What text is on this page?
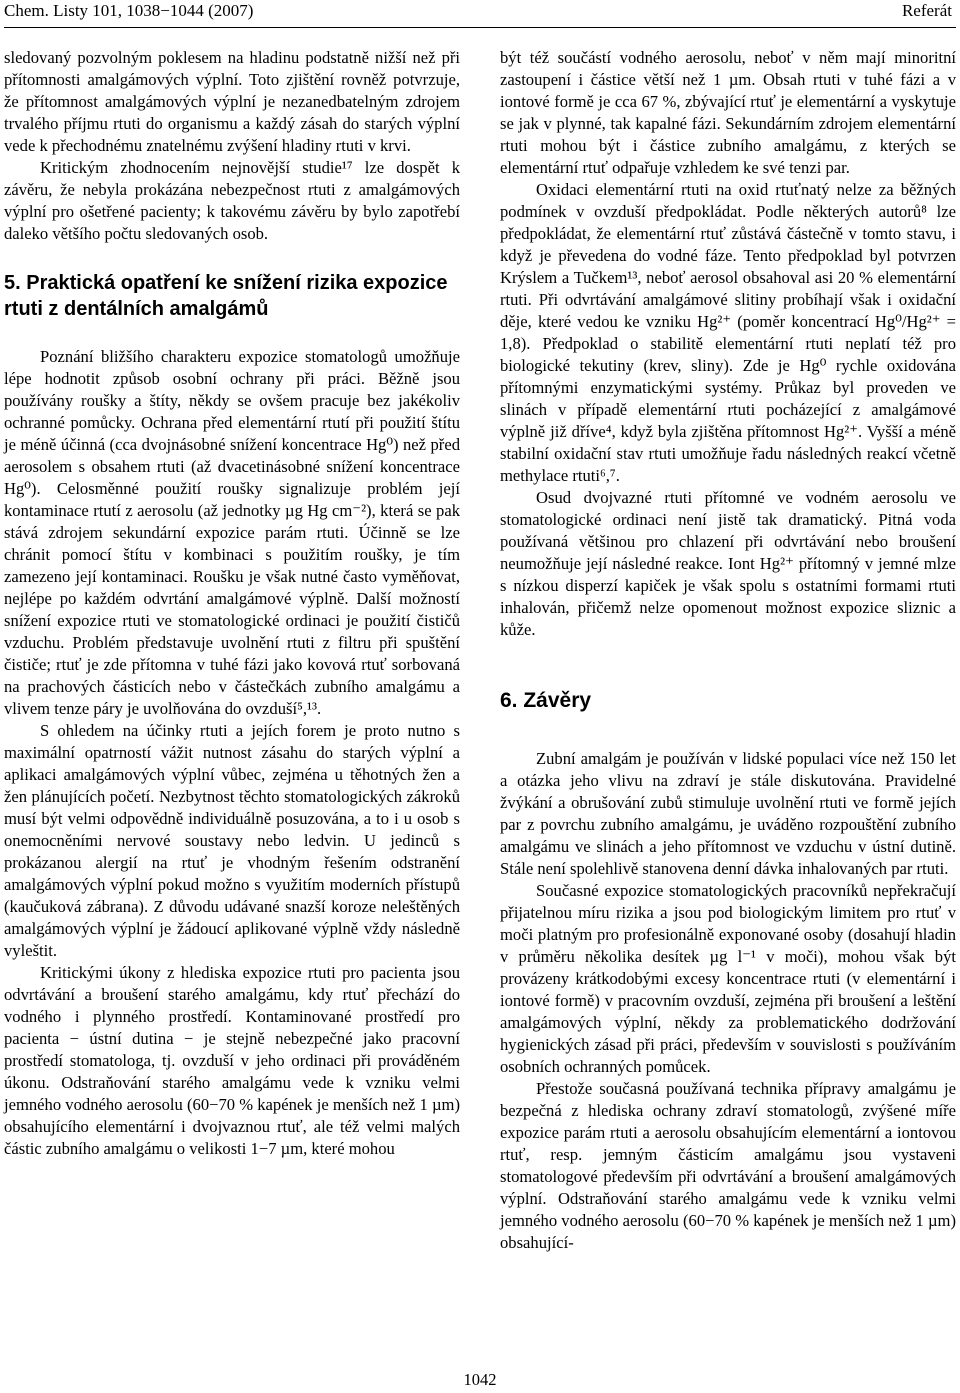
Chem. Listy 101, 1038−1044 (2007)	Referát

sledovaný pozvolným poklesem na hladinu podstatně nižší než při přítomnosti amalgámových výplní. Toto zjištění rovněž potvrzuje, že přítomnost amalgámových výplní je nezanedbatelným zdrojem trvalého příjmu rtuti do organismu a každý zásah do starých výplní vede k přechodnému znatelnému zvýšení hladiny rtuti v krvi.

Kritickým zhodnocením nejnovější studie¹⁷ lze dospět k závěru, že nebyla prokázána nebezpečnost rtuti z amalgámových výplní pro ošetřené pacienty; k takovému závěru by bylo zapotřebí daleko většího počtu sledovaných osob.

5. Praktická opatření ke snížení rizika expozice rtuti z dentálních amalgámů

Poznání bližšího charakteru expozice stomatologů umožňuje lépe hodnotit způsob osobní ochrany při práci. Běžně jsou používány roušky a štíty, někdy se ovšem pracuje bez jakékoliv ochranné pomůcky. Ochrana před elementární rtutí při použití štítu je méně účinná (cca dvojnásobné snížení koncentrace Hg⁰) než před aerosolem s obsahem rtuti (až dvacetinásobné snížení koncentrace Hg⁰). Celosměnné použití roušky signalizuje problém její kontaminace rtutí z aerosolu (až jednotky µg Hg cm⁻²), která se pak stává zdrojem sekundární expozice parám rtuti. Účinně se lze chránit pomocí štítu v kombinaci s použitím roušky, je tím zamezeno její kontaminaci. Roušku je však nutné často vyměňovat, nejlépe po každém odvrtání amalgámové výplně. Další možností snížení expozice rtuti ve stomatologické ordinaci je použití čističů vzduchu. Problém představuje uvolnění rtuti z filtru při spuštění čističe; rtuť je zde přítomna v tuhé fázi jako kovová rtuť sorbovaná na prachových částicích nebo v částečkách zubního amalgámu a vlivem tenze páry je uvolňována do ovzduší⁵,¹³.

S ohledem na účinky rtuti a jejích forem je proto nutno s maximální opatrností vážit nutnost zásahu do starých výplní a aplikaci amalgámových výplní vůbec, zejména u těhotných žen a žen plánujících početí. Nezbytnost těchto stomatologických zákroků musí být velmi odpovědně individuálně posuzována, a to i u osob s onemocněními nervové soustavy nebo ledvin. U jedinců s prokázanou alergií na rtuť je vhodným řešením odstranění amalgámových výplní pokud možno s využitím moderních přístupů (kaučuková zábrana). Z důvodu udávané snazší koroze neleštěných amalgámových výplní je žádoucí aplikované výplně vždy následně vyleštit.

Kritickými úkony z hlediska expozice rtuti pro pacienta jsou odvrtávání a broušení starého amalgámu, kdy rtuť přechází do vodného i plynného prostředí. Kontaminované prostředí pro pacienta − ústní dutina − je stejně nebezpečné jako pracovní prostředí stomatologa, tj. ovzduší v jeho ordinaci při prováděném úkonu. Odstraňování starého amalgámu vede k vzniku velmi jemného vodného aerosolu (60−70 % kapének je menších než 1 µm) obsahujícího elementární i dvojvaznou rtuť, ale též velmi malých částic zubního amalgámu o velikosti 1−7 µm, které mohou

být též součástí vodného aerosolu, neboť v něm mají minoritní zastoupení i částice větší než 1 µm. Obsah rtuti v tuhé fázi a v iontové formě je cca 67 %, zbývající rtuť je elementární a vyskytuje se jak v plynné, tak kapalné fázi. Sekundárním zdrojem elementární rtuti mohou být i částice zubního amalgámu, z kterých se elementární rtuť odpařuje vzhledem ke své tenzi par.

Oxidaci elementární rtuti na oxid rtuťnatý nelze za běžných podmínek v ovzduší předpokládat. Podle některých autorů⁸ lze předpokládat, že elementární rtuť zůstává částečně v tomto stavu, i když je převedena do vodné fáze. Tento předpoklad byl potvrzen Krýslem a Tučkem¹³, neboť aerosol obsahoval asi 20 % elementární rtuti. Při odvrtávání amalgámové slitiny probíhají však i oxidační děje, které vedou ke vzniku Hg²⁺ (poměr koncentrací Hg⁰/Hg²⁺ = 1,8). Předpoklad o stabilitě elementární rtuti neplatí též pro biologické tekutiny (krev, sliny). Zde je Hg⁰ rychle oxidována přítomnými enzymatickými systémy. Průkaz byl proveden ve slinách v případě elementární rtuti pocházející z amalgámové výplně již dříve⁴, když byla zjištěna přítomnost Hg²⁺. Vyšší a méně stabilní oxidační stav rtuti umožňuje řadu následných reakcí včetně methylace rtuti⁶,⁷.

Osud dvojvazné rtuti přítomné ve vodném aerosolu ve stomatologické ordinaci není jistě tak dramatický. Pitná voda používaná většinou pro chlazení při odvrtávání nebo broušení neumožňuje její následné reakce. Iont Hg²⁺ přítomný v jemné mlze s nízkou disperzí kapiček je však spolu s ostatními formami rtuti inhalován, přičemž nelze opomenout možnost expozice sliznic a kůže.

6. Závěry

Zubní amalgám je používán v lidské populaci více než 150 let a otázka jeho vlivu na zdraví je stále diskutována. Pravidelné žvýkání a obrušování zubů stimuluje uvolnění rtuti ve formě jejích par z povrchu zubního amalgámu, je uváděno rozpouštění zubního amalgámu ve slinách a jeho přítomnost ve vzduchu v ústní dutině. Stále není spolehlivě stanovena denní dávka inhalovaných par rtuti.

Současné expozice stomatologických pracovníků nepřekračují přijatelnou míru rizika a jsou pod biologickým limitem pro rtuť v moči platným pro profesionálně exponované osoby (dosahují hladin v průměru několika desítek µg l⁻¹ v moči), mohou však být provázeny krátkodobými excesy koncentrace rtuti (v elementární i iontové formě) v pracovním ovzduší, zejména při broušení a leštění amalgámových výplní, někdy za problematického dodržování hygienických zásad při práci, především v souvislosti s používáním osobních ochranných pomůcek.

Přestože současná používaná technika přípravy amalgámu je bezpečná z hlediska ochrany zdraví stomatologů, zvýšené míře expozice parám rtuti a aerosolu obsahujícím elementární a iontovou rtuť, resp. jemným částicím amalgámu jsou vystaveni stomatologové především při odvrtávání a broušení amalgámových výplní. Odstraňování starého amalgámu vede k vzniku velmi jemného vodného aerosolu (60−70 % kapének je menších než 1 µm) obsahující-

1042
